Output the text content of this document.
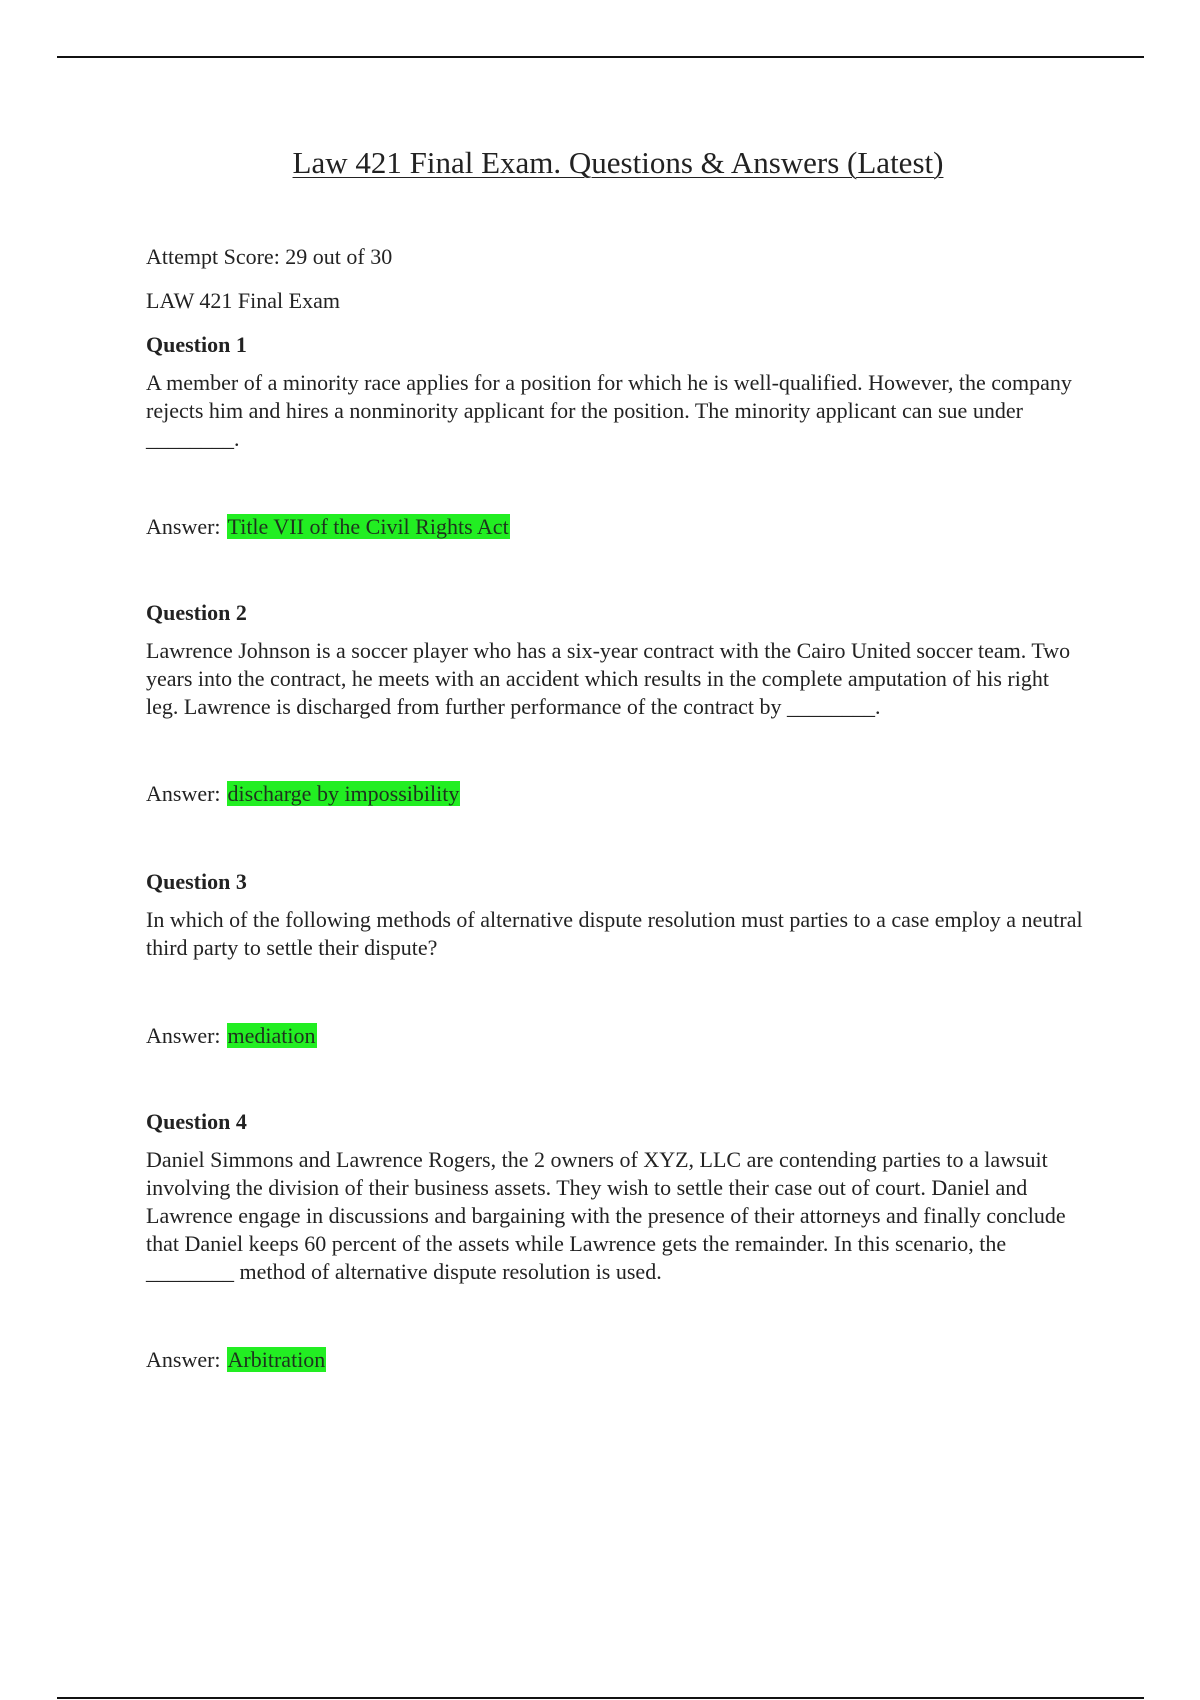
Law 421 Final Exam. Questions & Answers (Latest)

Attempt Score: 29 out of 30

LAW 421 Final Exam

Question 1

A member of a minority race applies for a position for which he is well-qualified. However, the company rejects him and hires a nonminority applicant for the position. The minority applicant can sue under ________.

Answer: Title VII of the Civil Rights Act

Question 2

Lawrence Johnson is a soccer player who has a six-year contract with the Cairo United soccer team. Two years into the contract, he meets with an accident which results in the complete amputation of his right leg. Lawrence is discharged from further performance of the contract by ________.

Answer: discharge by impossibility

Question 3

In which of the following methods of alternative dispute resolution must parties to a case employ a neutral third party to settle their dispute?

Answer: mediation

Question 4

Daniel Simmons and Lawrence Rogers, the 2 owners of XYZ, LLC are contending parties to a lawsuit involving the division of their business assets. They wish to settle their case out of court. Daniel and Lawrence engage in discussions and bargaining with the presence of their attorneys and finally conclude that Daniel keeps 60 percent of the assets while Lawrence gets the remainder. In this scenario, the ________ method of alternative dispute resolution is used.

Answer: Arbitration
